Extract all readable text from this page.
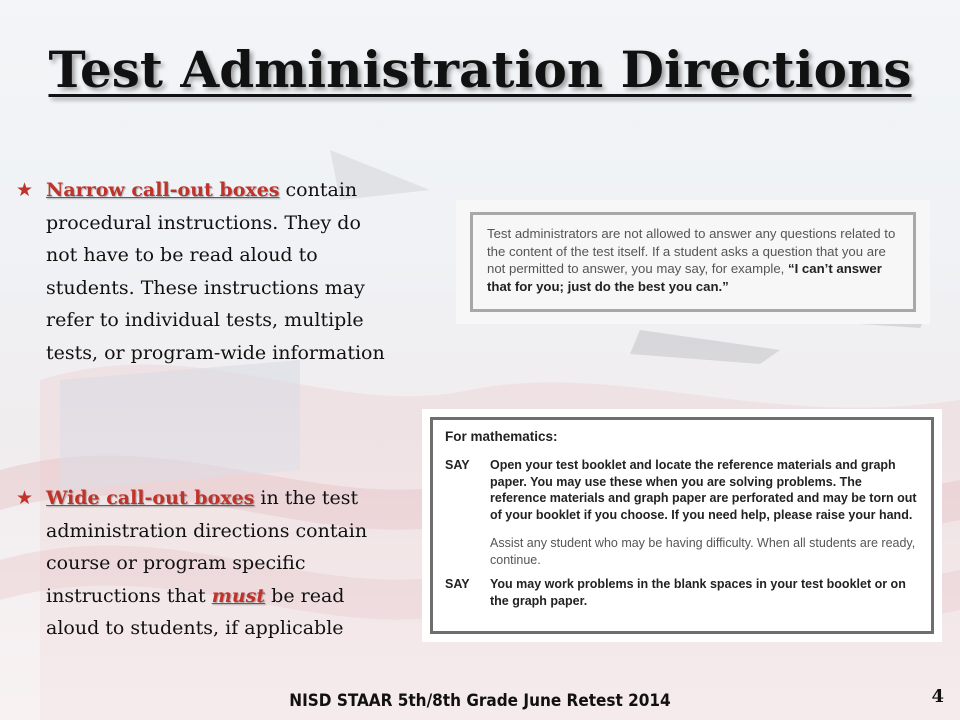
Test Administration Directions
★ Narrow call-out boxes contain procedural instructions. They do not have to be read aloud to students. These instructions may refer to individual tests, multiple tests, or program-wide information
★ Wide call-out boxes in the test administration directions contain course or program specific instructions that must be read aloud to students, if applicable
Test administrators are not allowed to answer any questions related to the content of the test itself. If a student asks a question that you are not permitted to answer, you may say, for example, “I can’t answer that for you; just do the best you can.”
For mathematics:
SAY	Open your test booklet and locate the reference materials and graph paper. You may use these when you are solving problems. The reference materials and graph paper are perforated and may be torn out of your booklet if you choose. If you need help, please raise your hand.
Assist any student who may be having difficulty. When all students are ready, continue.
SAY	You may work problems in the blank spaces in your test booklet or on the graph paper.
NISD STAAR 5th/8th Grade June Retest 2014	4
